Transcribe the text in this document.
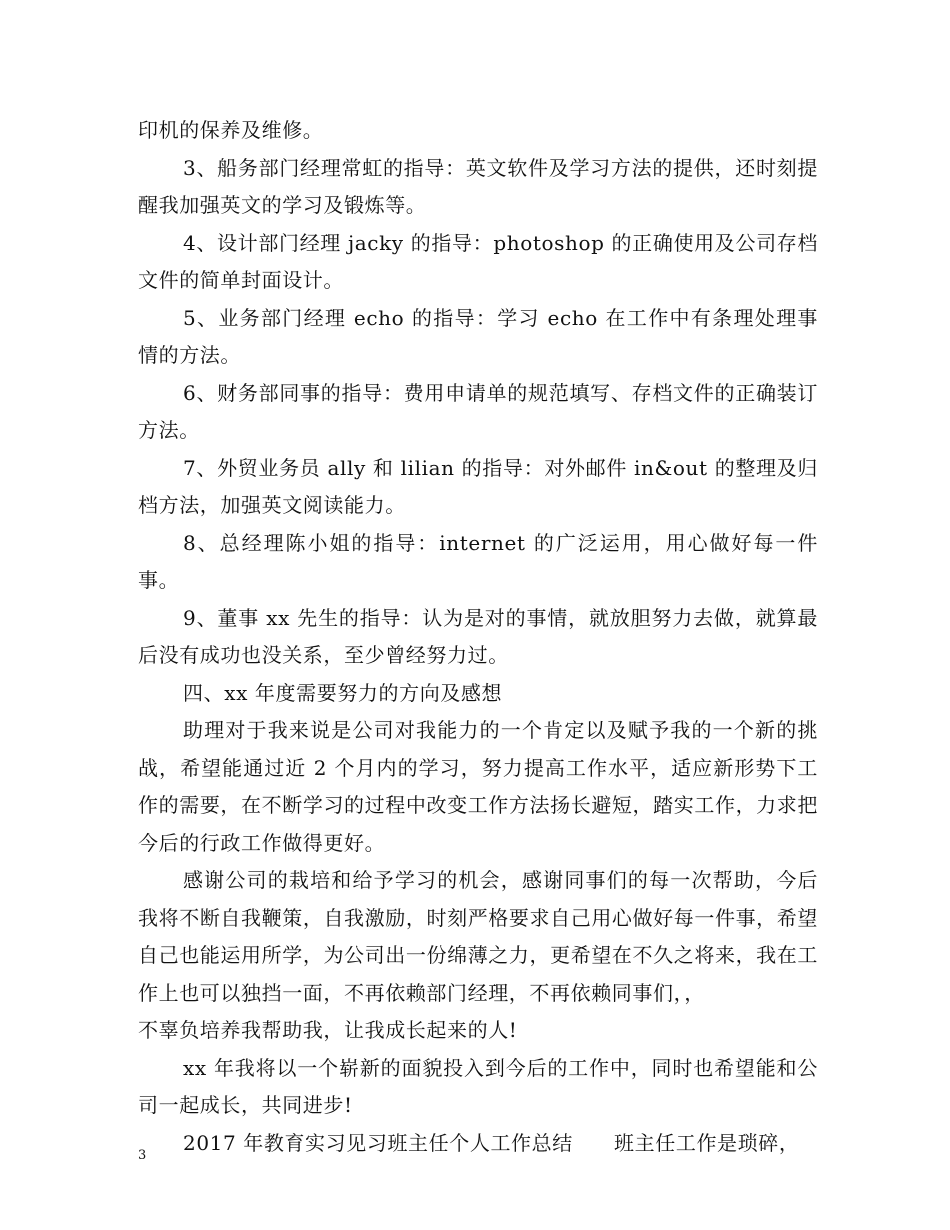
印机的保养及维修。

3、船务部门经理常虹的指导：英文软件及学习方法的提供，还时刻提醒我加强英文的学习及锻炼等。

4、设计部门经理 jacky 的指导：photoshop 的正确使用及公司存档文件的简单封面设计。

5、业务部门经理 echo 的指导：学习 echo 在工作中有条理处理事情的方法。

6、财务部同事的指导：费用申请单的规范填写、存档文件的正确装订方法。

7、外贸业务员 ally 和 lilian 的指导：对外邮件 in&out 的整理及归档方法，加强英文阅读能力。

8、总经理陈小姐的指导：internet 的广泛运用，用心做好每一件事。

9、董事 xx 先生的指导：认为是对的事情，就放胆努力去做，就算最后没有成功也没关系，至少曾经努力过。

四、xx 年度需要努力的方向及感想

助理对于我来说是公司对我能力的一个肯定以及赋予我的一个新的挑战，希望能通过近 2 个月内的学习，努力提高工作水平，适应新形势下工作的需要，在不断学习的过程中改变工作方法扬长避短，踏实工作，力求把今后的行政工作做得更好。

感谢公司的栽培和给予学习的机会，感谢同事们的每一次帮助，今后我将不断自我鞭策，自我激励，时刻严格要求自己用心做好每一件事，希望自己也能运用所学，为公司出一份绵薄之力，更希望在不久之将来，我在工作上也可以独挡一面，不再依赖部门经理，不再依赖同事们，，

不辜负培养我帮助我，让我成长起来的人!

xx 年我将以一个崭新的面貌投入到今后的工作中，同时也希望能和公司一起成长，共同进步!

2017 年教育实习见习班主任个人工作总结　　班主任工作是琐碎，

3
